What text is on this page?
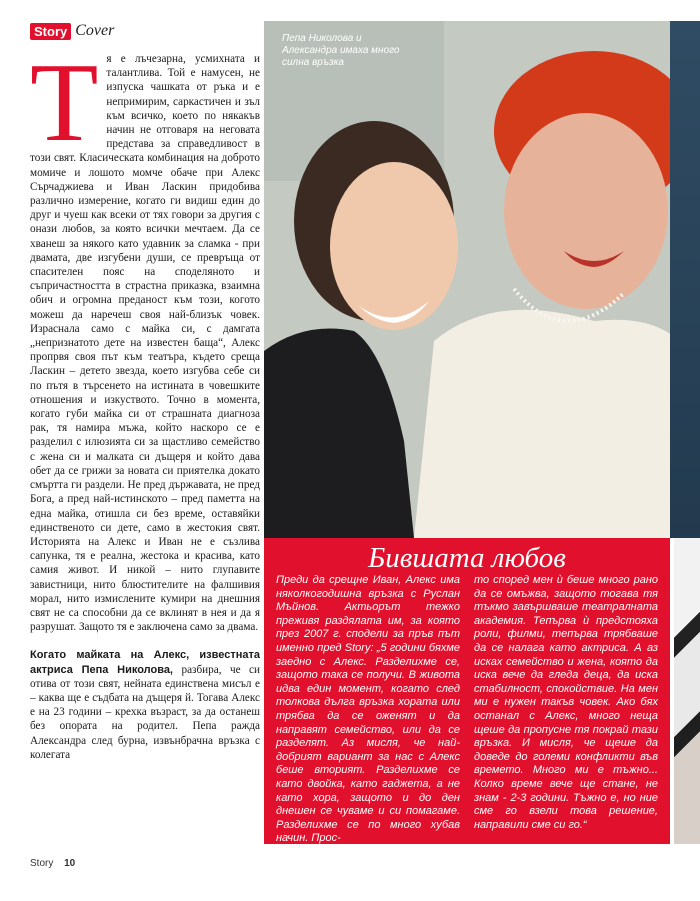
Story Cover
Т я е лъчезарна, усмихната и талантлива. Той е намусен, не изпуска чашката от ръка и е непримирим, саркастичен и зъл към всичко, което по някакъв начин не отговаря на неговата представа за справедливост в този свят. Класическата комбинация на доброто момиче и лошото момче обаче при Алекс Сърчаджиева и Иван Ласкин придобива различно измерение, когато ги видиш един до друг и чуеш как всеки от тях говори за другия с онази любов, за която всички мечтаем. Да се хванеш за някого като удавник за сламка - при двамата, две изгубени души, се превръща от спасителен пояс на споделяното и съпричастността в страстна приказка, взаимна обич и огромна преданост към този, когото можеш да наречеш своя най-близък човек. Израснала само с майка си, с дамгата „непризнатото дете на известен баща“, Алекс пропрвя своя път към театъра, където среща Ласкин – детето звезда, което изгубва себе си по пътя в търсенето на истината в човешките отношения и изкуството. Точно в момента, когато губи майка си от страшната диагноза рак, тя намира мъжа, който наскоро се е разделил с илюзията си за щастливо семейство с жена си и малката си дъщеря и който дава обет да се грижи за новата си приятелка докато смъртта ги раздели. Не пред държавата, не пред Бога, а пред най-истинското – пред паметта на една майка, отишла си без време, оставяйки единственото си дете, само в жестокия свят. Историята на Алекс и Иван не е съзлива сапунка, тя е реална, жестока и красива, като самия живот. И никой – нито глупавите завистници, нито блюстителите на фалшивия морал, нито измислените кумири на днешния свят не са способни да се вклинят в нея и да я разрушат. Защото тя е заключена само за двама.

Когато майката на Алекс, известната актриса Пепа Николова, разбира, че си отива от този свят, нейната единствена мисъл е – каква ще е съдбата на дъщеря й. Тогава Алекс е на 23 години – крехка възраст, за да останеш без опората на родител. Пепа ражда Александра след бурна, извънбрачна връзка с колегата

Пепа Николова и Александра имаха много силна връзка
Бившата любов
Преди да срещне Иван, Алекс има няколкогодишна връзка с Руслан Мъйнов. Актьорът тежко преживя раздялата им, за която през 2007 г. сподели за пръв път именно пред Story: „5 години бяхме заедно с Алекс. Разделихме се, защото така се получи. В живота идва един момент, когато след толкова дълга връзка хората или трябва да се оженят и да направят семейство, или да се разделят. Аз мисля, че най-добрият вариант за нас с Алекс беше вторият. Разделихме се като двойка, като гаджета, а не като хора, защото и до ден днешен се чуваме и си помагаме. Разделихме се по много хубав начин. Прос-
то според мен ѝ беше много рано да се омъжва, защото тогава тя тъкмо завършваше театралната академия. Тепърва ѝ предстояха роли, филми, тепърва трябваше да се налага като актриса. А аз исках семейство и жена, която да иска вече да гледа деца, да иска стабилност, спокойствие. На мен ми е нужен такъв човек. Ако бях останал с Алекс, много неща щеше да пропусне тя покрай тази връзка. И мисля, че щеше да доведе до големи конфликти във времето. Много ми е тъжно... Колко време вече ще стане, не знам - 2-3 години. Тъжно е, но ние сме го взели това решение, направили сме си го.“
Story 10
